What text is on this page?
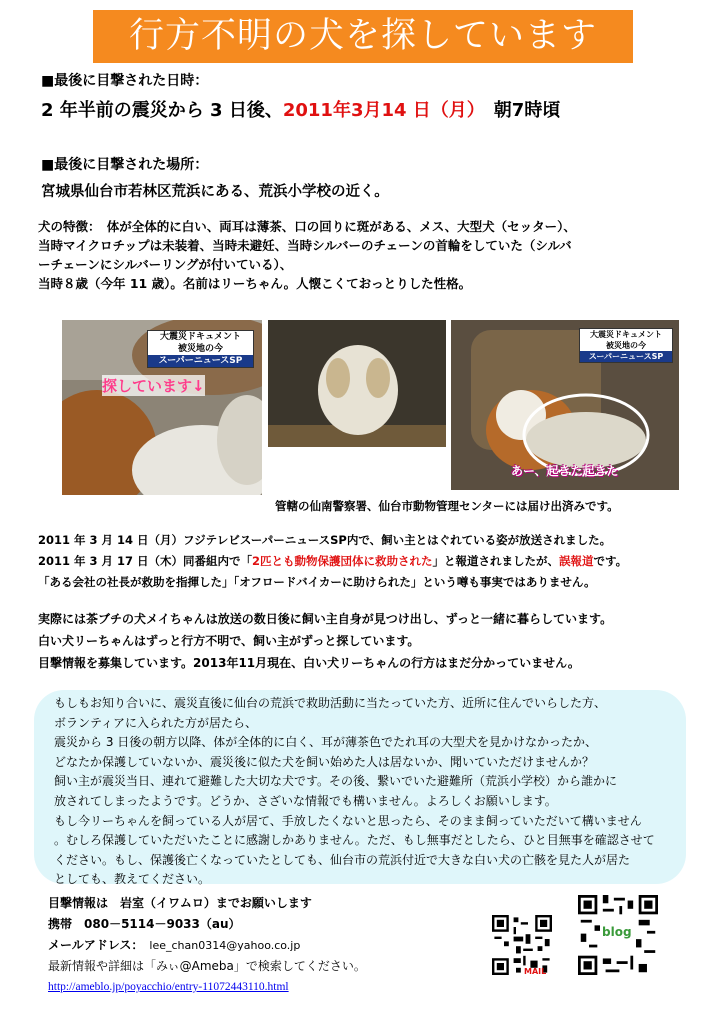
行方不明の犬を探しています
■最後に目撃された日時：
2 年半前の震災から 3 日後、2011年3月14 日（月）　 朝7時頃
■最後に目撃された場所：
宮城県仙台市若林区荒浜にある、荒浜小学校の近く。
犬の特徴：　体が全体的に白い、両耳は薄茶、口の回りに斑がある、メス、大型犬（セッター）、
当時マイクロチップは未装着、当時未避妊、当時シルバーのチェーンの首輪をしていた（シルバ
ーチェーンにシルバーリングが付いている）、
当時８歳（今年 11 歳）。名前はリーちゃん。人懐こくておっとりした性格。
大震災ドキュメント
被災地の今
スーパーニュースSP
探しています↓
大震災ドキュメント
被災地の今
スーパーニュースSP
あー、起きた起きた
管轄の仙南警察署、仙台市動物管理センターには届け出済みです。
2011 年 3 月 14 日（月）フジテレビスーパーニュースSP内で、飼い主とはぐれている姿が放送されました。
2011 年 3 月 17 日（木）同番組内で「2匹とも動物保護団体に救助された」と報道されましたが、誤報道です。
「ある会社の社長が救助を指揮した」「オフロードバイカーに助けられた」という噂も事実ではありません。
実際には茶ブチの犬メイちゃんは放送の数日後に飼い主自身が見つけ出し、ずっと一緒に暮らしています。
白い犬リーちゃんはずっと行方不明で、飼い主がずっと探しています。
目撃情報を募集しています。2013年11月現在、白い犬リーちゃんの行方はまだ分かっていません。
もしもお知り合いに、震災直後に仙台の荒浜で救助活動に当たっていた方、近所に住んでいらした方、
ボランティアに入られた方が居たら、
震災から 3 日後の朝方以降、体が全体的に白く、耳が薄茶色でたれ耳の大型犬を見かけなかったか、
どなたか保護していないか、震災後に似た犬を飼い始めた人は居ないか、聞いていただけませんか？
飼い主が震災当日、連れて避難した大切な犬です。その後、繋いでいた避難所（荒浜小学校）から誰かに
放されてしまったようです。どうか、さざいな情報でも構いません。よろしくお願いします。
もし今リーちゃんを飼っている人が居て、手放したくないと思ったら、そのまま飼っていただいて構いません
。むしろ保護していただいたことに感謝しかありません。ただ、もし無事だとしたら、ひと目無事を確認させて
ください。もし、保護後亡くなっていたとしても、仙台市の荒浜付近で大きな白い犬の亡骸を見た人が居た
としても、教えてください。
目撃情報は　岩室（イワムロ）までお願いします
携帯　 080－5114－9033（au）
メールアドレス：　 lee_chan0314@yahoo.co.jp
最新情報や詳細は「みぃ@Ameba」で検索してください。
http://ameblo.jp/poyacchio/entry-11072443110.html
MAIL
blog
